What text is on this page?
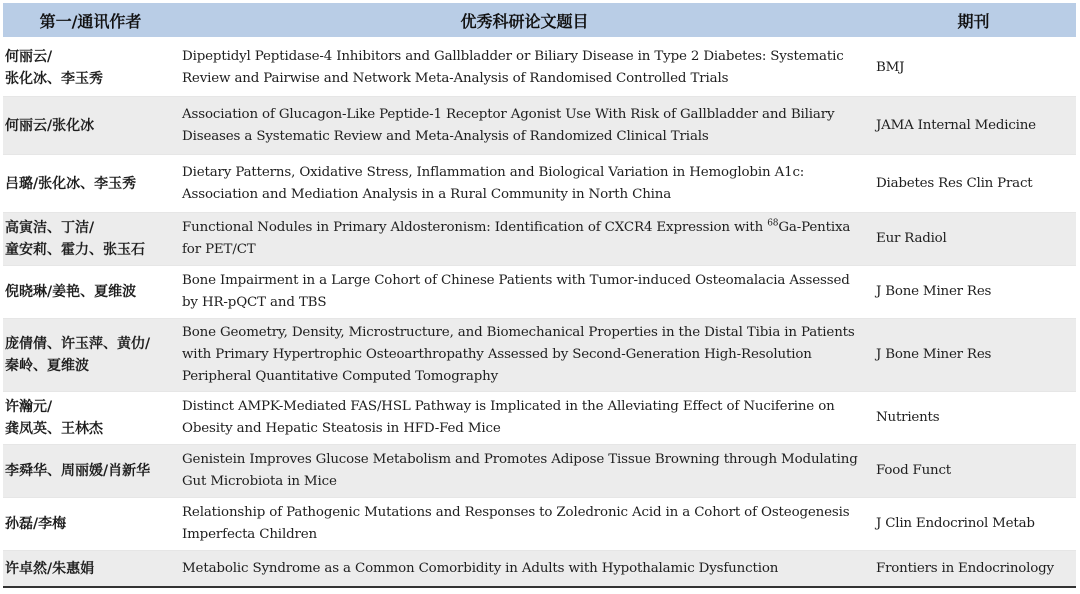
第一/通讯作者	优秀科研论文题目	期刊
何丽云/
张化冰、李玉秀	Dipeptidyl Peptidase-4 Inhibitors and Gallbladder or Biliary Disease in Type 2 Diabetes: Systematic Review and Pairwise and Network Meta-Analysis of Randomised Controlled Trials	BMJ
何丽云/张化冰	Association of Glucagon-Like Peptide-1 Receptor Agonist Use With Risk of Gallbladder and Biliary Diseases a Systematic Review and Meta-Analysis of Randomized Clinical Trials	JAMA Internal Medicine
吕璐/张化冰、李玉秀	Dietary Patterns, Oxidative Stress, Inflammation and Biological Variation in Hemoglobin A1c: Association and Mediation Analysis in a Rural Community in North China	Diabetes Res Clin Pract
高寅洁、丁洁/
童安莉、霍力、张玉石	Functional Nodules in Primary Aldosteronism: Identification of CXCR4 Expression with $^{68}$Ga-Pentixa for PET/CT	Eur Radiol
倪晓琳/姜艳、夏维波	Bone Impairment in a Large Cohort of Chinese Patients with Tumor-induced Osteomalacia Assessed by HR-pQCT and TBS	J Bone Miner Res
庞倩倩、许玉萍、黄仂/
秦岭、夏维波	Bone Geometry, Density, Microstructure, and Biomechanical Properties in the Distal Tibia in Patients with Primary Hypertrophic Osteoarthropathy Assessed by Second-Generation High-Resolution Peripheral Quantitative Computed Tomography	J Bone Miner Res
许瀚元/
龚凤英、王林杰	Distinct AMPK-Mediated FAS/HSL Pathway is Implicated in the Alleviating Effect of Nuciferine on Obesity and Hepatic Steatosis in HFD-Fed Mice	Nutrients
李舜华、周丽媛/肖新华	Genistein Improves Glucose Metabolism and Promotes Adipose Tissue Browning through Modulating Gut Microbiota in Mice	Food Funct
孙磊/李梅	Relationship of Pathogenic Mutations and Responses to Zoledronic Acid in a Cohort of Osteogenesis Imperfecta Children	J Clin Endocrinol Metab
许卓然/朱惠娟	Metabolic Syndrome as a Common Comorbidity in Adults with Hypothalamic Dysfunction	Frontiers in Endocrinology
